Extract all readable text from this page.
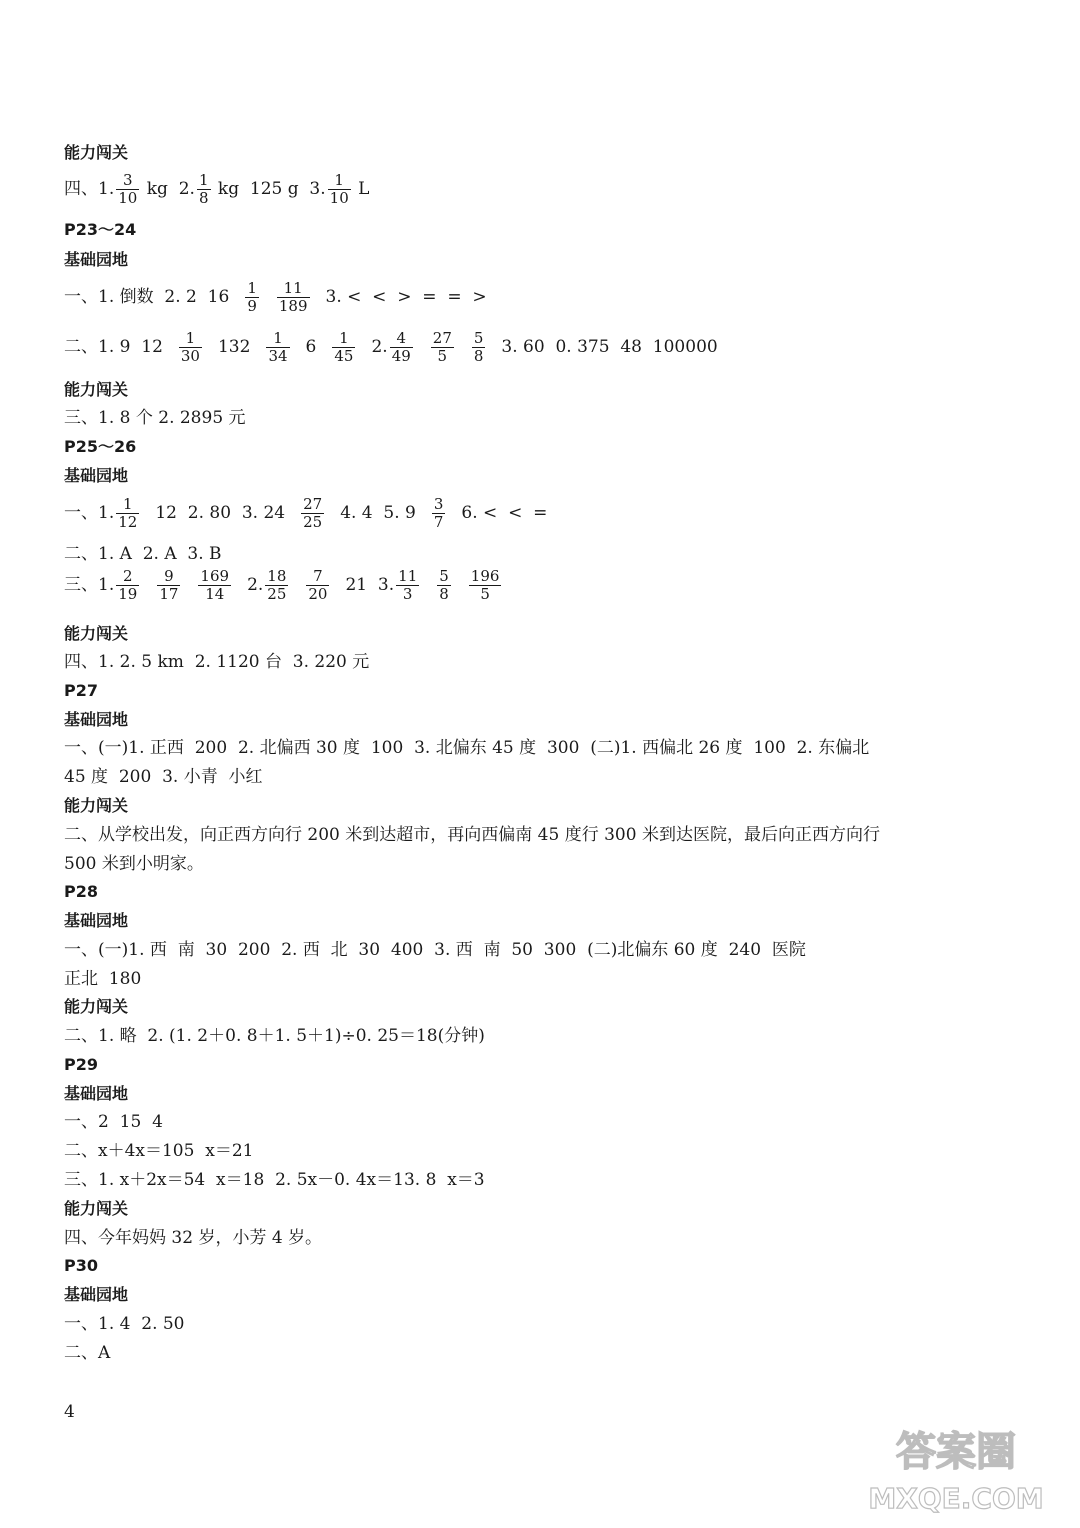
能力闯关
四、1. $\frac{3}{10}$ kg  2. $\frac{1}{8}$ kg  125 g  3. $\frac{1}{10}$ L
P23～24
基础园地
一、1. 倒数  2. 2  $16 \frac{1}{9} \frac{11}{189} 3$. <  <  >  =  =  >
二、1. 9  $12 \frac{1}{30} 132 \frac{1}{34} 6 \frac{1}{45} 2$. $\frac{4}{49} \frac{27}{5} \frac{5}{8} 3$. 60  0. 375  48  100000
能力闯关
三、1. 8 个 2. 2895 元
P25～26
基础园地
一、1. $\frac{1}{12} 12$  2. 80  3. $24 \frac{27}{25} 4$. 4  5. $9 \frac{3}{7} 6$. <  <  =
二、1. A  2. A  3. B
三、1. $\frac{2}{19} \frac{9}{17} \frac{169}{14} 2$. $\frac{18}{25} \frac{7}{20} 21$  3. $\frac{11}{3} \frac{5}{8} \frac{196}{5}$
能力闯关
四、1. 2. 5 km  2. 1120 台  3. 220 元
P27
基础园地
一、(一)1. 正西  200  2. 北偏西 30 度  100  3. 北偏东 45 度  300  (二)1. 西偏北 26 度  100  2. 东偏北
45 度  200  3. 小青  小红
能力闯关
二、从学校出发，向正西方向行 200 米到达超市，再向西偏南 45 度行 300 米到达医院，最后向正西方向行
500 米到小明家。
P28
基础园地
一、(一)1. 西  南  30  200  2. 西  北  30  400  3. 西  南  50  300  (二)北偏东 60 度  240  医院
正北  180
能力闯关
二、1. 略  2. (1. 2＋0. 8＋1. 5＋1)÷0. 25＝18(分钟)
P29
基础园地
一、2  15  4
二、x＋4x＝105  x＝21
三、1. x＋2x＝54  x＝18  2. 5x－0. 4x＝13. 8  x＝3
能力闯关
四、今年妈妈 32 岁，小芳 4 岁。
P30
基础园地
一、1. 4  2. 50
二、A
4
答案圈
MXQE.COM
